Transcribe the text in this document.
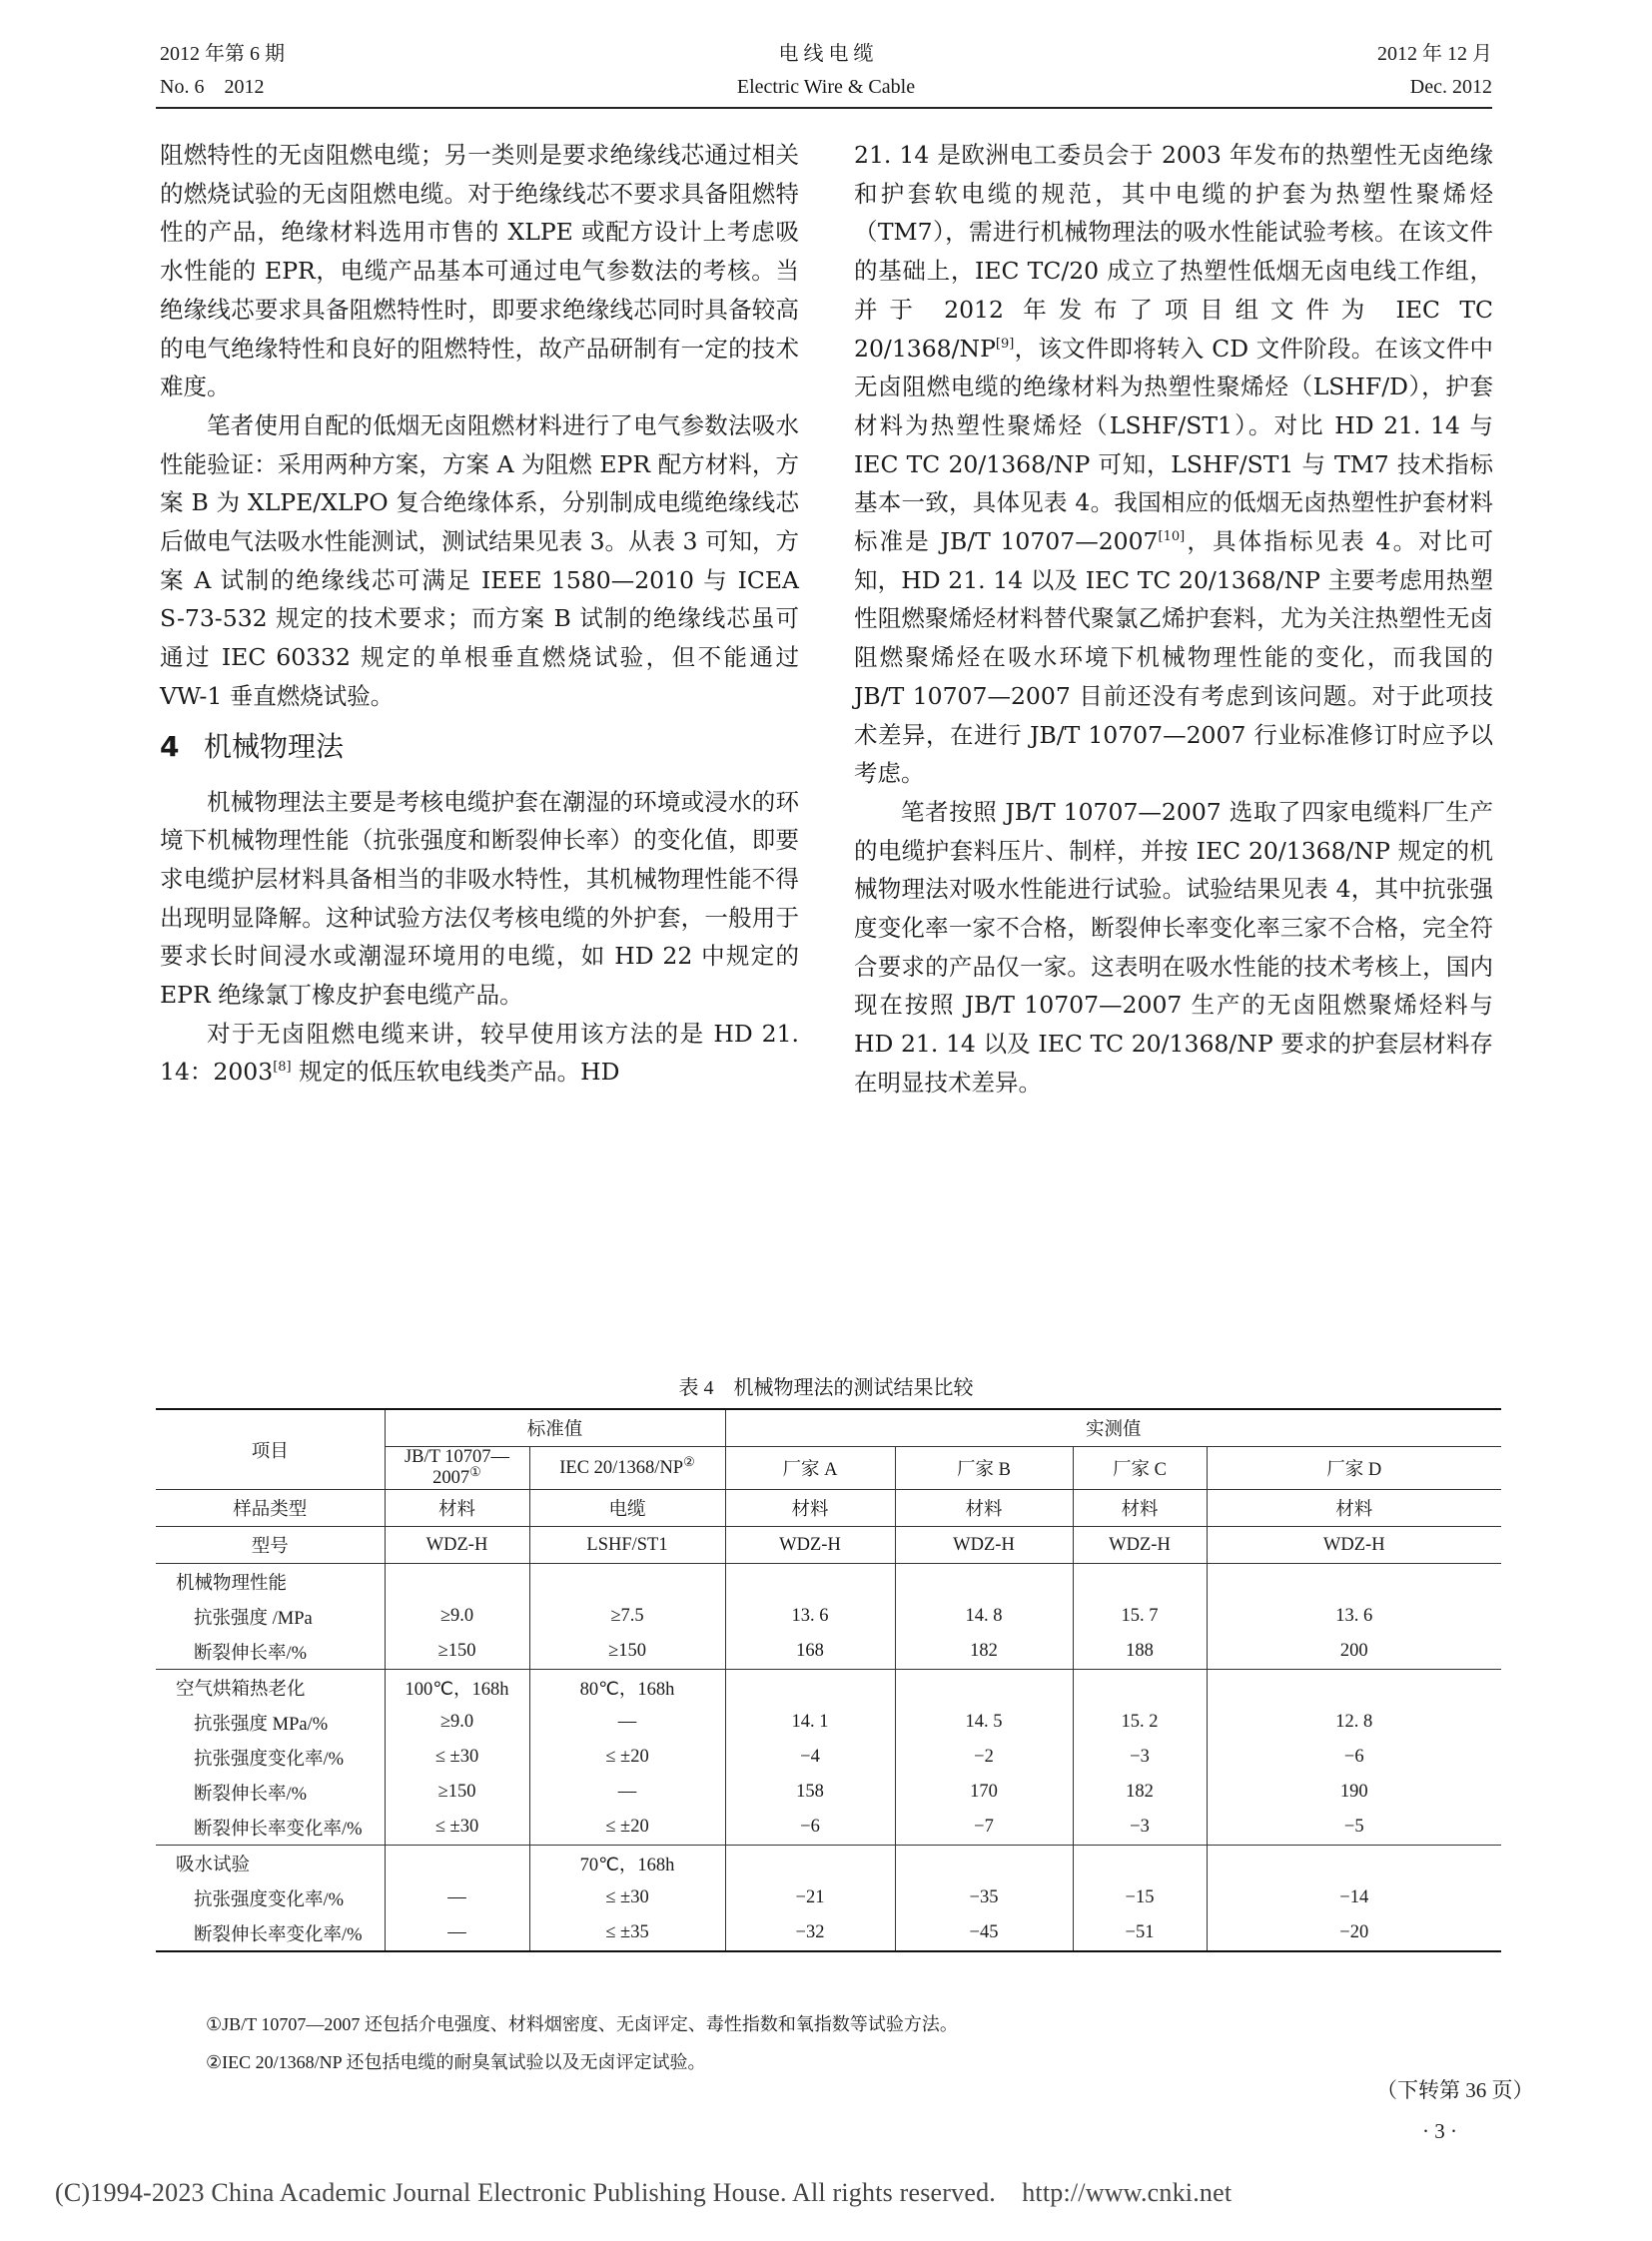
2012 年第 6 期
No. 6　2012
电 线 电 缆
Electric Wire & Cable
2012 年 12 月
Dec. 2012

阻燃特性的无卤阻燃电缆；另一类则是要求绝缘线芯通过相关的燃烧试验的无卤阻燃电缆。对于绝缘线芯不要求具备阻燃特性的产品，绝缘材料选用市售的 XLPE 或配方设计上考虑吸水性能的 EPR，电缆产品基本可通过电气参数法的考核。当绝缘线芯要求具备阻燃特性时，即要求绝缘线芯同时具备较高的电气绝缘特性和良好的阻燃特性，故产品研制有一定的技术难度。

笔者使用自配的低烟无卤阻燃材料进行了电气参数法吸水性能验证：采用两种方案，方案 A 为阻燃 EPR 配方材料，方案 B 为 XLPE/XLPO 复合绝缘体系，分别制成电缆绝缘线芯后做电气法吸水性能测试，测试结果见表 3。从表 3 可知，方案 A 试制的绝缘线芯可满足 IEEE 1580—2010 与 ICEA S-73-532 规定的技术要求；而方案 B 试制的绝缘线芯虽可通过 IEC 60332 规定的单根垂直燃烧试验，但不能通过 VW-1 垂直燃烧试验。

4 机械物理法

机械物理法主要是考核电缆护套在潮湿的环境或浸水的环境下机械物理性能（抗张强度和断裂伸长率）的变化值，即要求电缆护层材料具备相当的非吸水特性，其机械物理性能不得出现明显降解。这种试验方法仅考核电缆的外护套，一般用于要求长时间浸水或潮湿环境用的电缆，如 HD 22 中规定的 EPR 绝缘氯丁橡皮护套电缆产品。

对于无卤阻燃电缆来讲，较早使用该方法的是 HD 21. 14：2003[8] 规定的低压软电线类产品。HD

21. 14 是欧洲电工委员会于 2003 年发布的热塑性无卤绝缘和护套软电缆的规范，其中电缆的护套为热塑性聚烯烃（TM7），需进行机械物理法的吸水性能试验考核。在该文件的基础上，IEC TC/20 成立了热塑性低烟无卤电线工作组，并于 2012 年发布了项目组文件为 IEC TC 20/1368/NP[9]，该文件即将转入 CD 文件阶段。在该文件中无卤阻燃电缆的绝缘材料为热塑性聚烯烃（LSHF/D），护套材料为热塑性聚烯烃（LSHF/ST1）。对比 HD 21. 14 与 IEC TC 20/1368/NP 可知，LSHF/ST1 与 TM7 技术指标基本一致，具体见表 4。我国相应的低烟无卤热塑性护套材料标准是 JB/T 10707—2007[10]，具体指标见表 4。对比可知，HD 21. 14 以及 IEC TC 20/1368/NP 主要考虑用热塑性阻燃聚烯烃材料替代聚氯乙烯护套料，尤为关注热塑性无卤阻燃聚烯烃在吸水环境下机械物理性能的变化，而我国的 JB/T 10707—2007 目前还没有考虑到该问题。对于此项技术差异，在进行 JB/T 10707—2007 行业标准修订时应予以考虑。

笔者按照 JB/T 10707—2007 选取了四家电缆料厂生产的电缆护套料压片、制样，并按 IEC 20/1368/NP 规定的机械物理法对吸水性能进行试验。试验结果见表 4，其中抗张强度变化率一家不合格，断裂伸长率变化率三家不合格，完全符合要求的产品仅一家。这表明在吸水性能的技术考核上，国内现在按照 JB/T 10707—2007 生产的无卤阻燃聚烯烃料与 HD 21. 14 以及 IEC TC 20/1368/NP 要求的护套层材料存在明显技术差异。

表 4　机械物理法的测试结果比较
项目	标准值		实测值			
	JB/T 10707—2007①	IEC 20/1368/NP②	厂家 A	厂家 B	厂家 C	厂家 D
样品类型	材料	电缆	材料	材料	材料	材料
型号	WDZ-H	LSHF/ST1	WDZ-H	WDZ-H	WDZ-H	WDZ-H
机械物理性能						
抗张强度 /MPa	≥9.0	≥7.5	13. 6	14. 8	15. 7	13. 6
断裂伸长率/%	≥150	≥150	168	182	188	200
空气烘箱热老化	100℃，168h	80℃，168h				
抗张强度 MPa/%	≥9.0	—	14. 1	14. 5	15. 2	12. 8
抗张强度变化率/%	≤ ±30	≤ ±20	−4	−2	−3	−6
断裂伸长率/%	≥150	—	158	170	182	190
断裂伸长率变化率/%	≤ ±30	≤ ±20	−6	−7	−3	−5
吸水试验		70℃，168h				
抗张强度变化率/%	—	≤ ±30	−21	−35	−15	−14
断裂伸长率变化率/%	—	≤ ±35	−32	−45	−51	−20
①JB/T 10707—2007 还包括介电强度、材料烟密度、无卤评定、毒性指数和氧指数等试验方法。
②IEC 20/1368/NP 还包括电缆的耐臭氧试验以及无卤评定试验。
（下转第 36 页）
· 3 ·
(C)1994-2023 China Academic Journal Electronic Publishing House. All rights reserved.　http://www.cnki.net
